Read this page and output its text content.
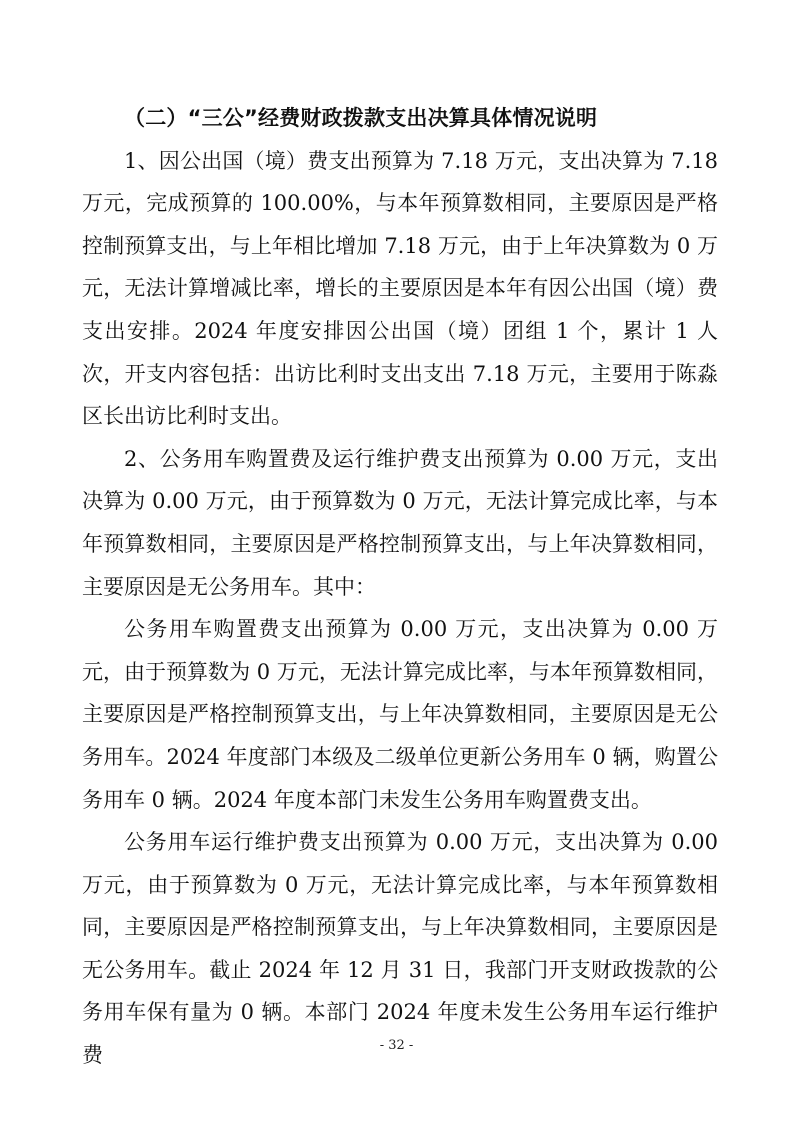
（二）“三公”经费财政拨款支出决算具体情况说明

1、因公出国（境）费支出预算为 7.18 万元，支出决算为 7.18 万元，完成预算的 100.00%，与本年预算数相同，主要原因是严格控制预算支出，与上年相比增加 7.18 万元，由于上年决算数为 0 万元，无法计算增减比率，增长的主要原因是本年有因公出国（境）费支出安排。2024 年度安排因公出国（境）团组 1 个，累计 1 人次，开支内容包括：出访比利时支出支出 7.18 万元，主要用于陈淼区长出访比利时支出。

2、公务用车购置费及运行维护费支出预算为 0.00 万元，支出决算为 0.00 万元，由于预算数为 0 万元，无法计算完成比率，与本年预算数相同，主要原因是严格控制预算支出，与上年决算数相同，主要原因是无公务用车。其中：

公务用车购置费支出预算为 0.00 万元，支出决算为 0.00 万元，由于预算数为 0 万元，无法计算完成比率，与本年预算数相同，主要原因是严格控制预算支出，与上年决算数相同，主要原因是无公务用车。2024 年度部门本级及二级单位更新公务用车 0 辆，购置公务用车 0 辆。2024 年度本部门未发生公务用车购置费支出。

公务用车运行维护费支出预算为 0.00 万元，支出决算为 0.00 万元，由于预算数为 0 万元，无法计算完成比率，与本年预算数相同，主要原因是严格控制预算支出，与上年决算数相同，主要原因是无公务用车。截止 2024 年 12 月 31 日，我部门开支财政拨款的公务用车保有量为 0 辆。本部门 2024 年度未发生公务用车运行维护费	- 32 -
